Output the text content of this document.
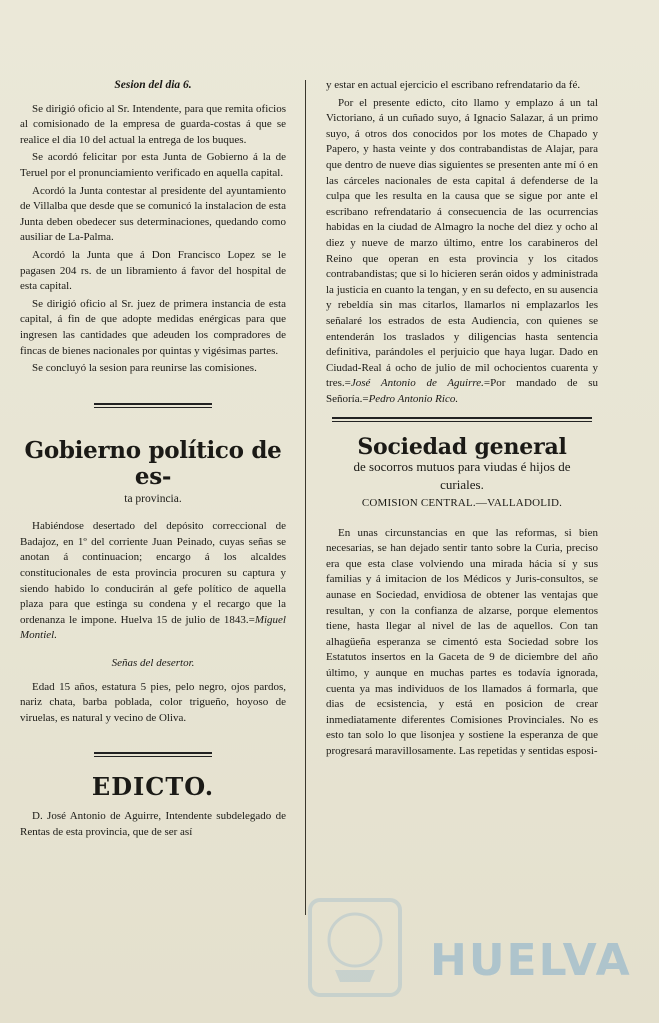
Sesion del dia 6.

Se dirigió oficio al Sr. Intendente, para que remita oficios al comisionado de la empresa de guarda-costas á que se realice el dia 10 del actual la entrega de los buques.

Se acordó felicitar por esta Junta de Gobierno á la de Teruel por el pronunciamiento verificado en aquella capital.

Acordó la Junta contestar al presidente del ayuntamiento de Villalba que desde que se comunicó la instalacion de esta Junta deben obedecer sus determinaciones, quedando como ausiliar de La-Palma.

Acordó la Junta que á Don Francisco Lopez se le pagasen 204 rs. de un libramiento á favor del hospital de esta capital.

Se dirigió oficio al Sr. juez de primera instancia de esta capital, á fin de que adopte medidas enérgicas para que ingresen las cantidades que adeuden los compradores de fincas de bienes nacionales por quintas y vigésimas partes.

Se concluyó la sesion para reunirse las comisiones.

Gobierno político de es-
ta provincia.

Habiéndose desertado del depósito correccional de Badajoz, en 1º del corriente Juan Peinado, cuyas señas se anotan á continuacion; encargo á los alcaldes constitucionales de esta provincia procuren su captura y siendo habido lo conducirán al gefe político de aquella plaza para que estinga su condena y el recargo que la ordenanza le impone. Huelva 15 de julio de 1843.=Miguel Montiel.

Señas del desertor.

Edad 15 años, estatura 5 pies, pelo negro, ojos pardos, nariz chata, barba poblada, color trigueño, hoyoso de viruelas, es natural y vecino de Oliva.

EDICTO.

D. José Antonio de Aguirre, Intendente subdelegado de Rentas de esta provincia, que de ser así

y estar en actual ejercicio el escribano refrendatario da fé.

Por el presente edicto, cito llamo y emplazo á un tal Victoriano, á un cuñado suyo, á Ignacio Salazar, á un primo suyo, á otros dos conocidos por los motes de Chapado y Papero, y hasta veinte y dos contrabandistas de Alajar, para que dentro de nueve dias siguientes se presenten ante mí ó en las cárceles nacionales de esta capital á defenderse de la culpa que les resulta en la causa que se sigue por ante el escribano refrendatario á consecuencia de las ocurrencias habidas en la ciudad de Almagro la noche del diez y ocho al diez y nueve de marzo último, entre los carabineros del Reino que operan en esta provincia y los citados contrabandistas; que si lo hicieren serán oidos y administrada la justicia en cuanto la tengan, y en su defecto, en su ausencia y rebeldía sin mas citarlos, llamarlos ni emplazarlos les señalaré los estrados de esta Audiencia, con quienes se entenderán los traslados y diligencias hasta sentencia definitiva, parándoles el perjuicio que haya lugar. Dado en Ciudad-Real á ocho de julio de mil ochocientos cuarenta y tres.=José Antonio de Aguirre.=Por mandado de su Señoría.=Pedro Antonio Rico.

Sociedad general
de socorros mutuos para viudas é hijos de
curiales.
COMISION CENTRAL.—VALLADOLID.

En unas circunstancias en que las reformas, si bien necesarias, se han dejado sentir tanto sobre la Curia, preciso era que esta clase volviendo una mirada hácia sí y sus familias y á imitacion de los Médicos y Juris-consultos, se aunase en Sociedad, envidiosa de obtener las ventajas que resultan, y con la confianza de alzarse, porque elementos tiene, hasta llegar al nivel de las de aquellos. Con tan alhagüeña esperanza se cimentó esta Sociedad sobre los Estatutos insertos en la Gaceta de 9 de diciembre del año último, y aunque en muchas partes es todavía ignorada, cuenta ya mas individuos de los llamados á formarla, que dias de ecsistencia, y está en posicion de crear inmediatamente diferentes Comisiones Provinciales. No es esto tan solo lo que lisonjea y sostiene la esperanza de que progresará maravillosamente. Las repetidas y sentidas esposi-

HUELVA
